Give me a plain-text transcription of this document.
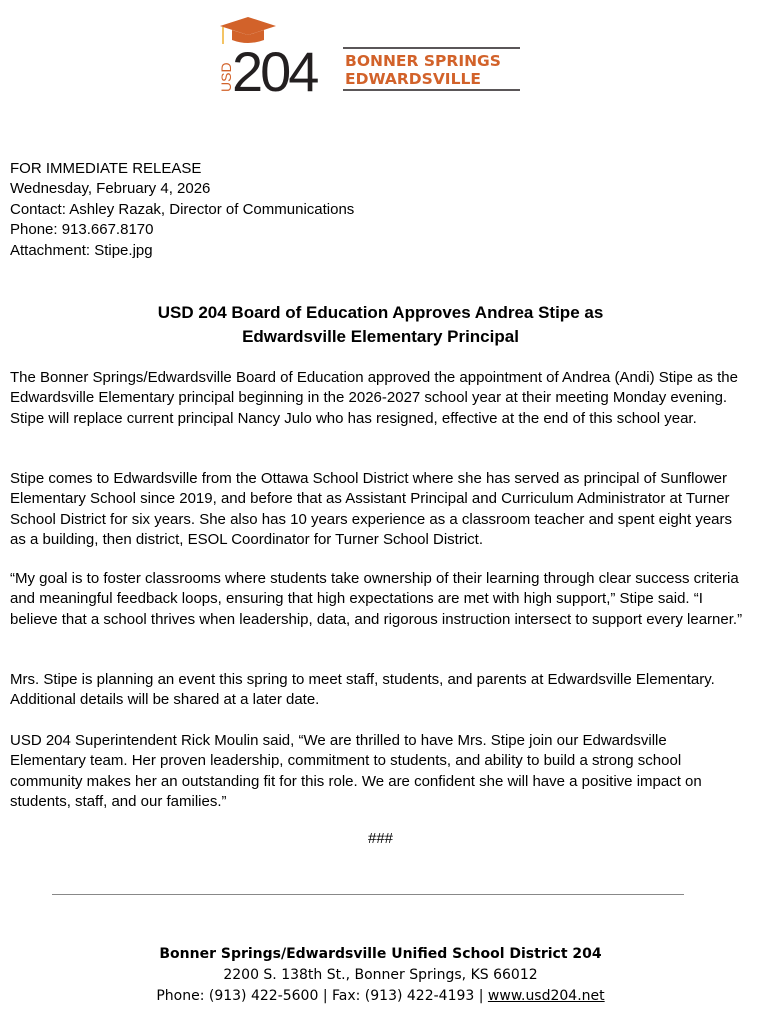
USD
204 BONNER SPRINGS
EDWARDSVILLE
FOR IMMEDIATE RELEASE
Wednesday, February 4, 2026
Contact: Ashley Razak, Director of Communications
Phone: 913.667.8170
Attachment: Stipe.jpg
USD 204 Board of Education Approves Andrea Stipe as
Edwardsville Elementary Principal

The Bonner Springs/Edwardsville Board of Education approved the appointment of Andrea (Andi) Stipe as the Edwardsville Elementary principal beginning in the 2026-2027 school year at their meeting Monday evening. Stipe will replace current principal Nancy Julo who has resigned, effective at the end of this school year.

Stipe comes to Edwardsville from the Ottawa School District where she has served as principal of Sunflower Elementary School since 2019, and before that as Assistant Principal and Curriculum Administrator at Turner School District for six years. She also has 10 years experience as a classroom teacher and spent eight years as a building, then district, ESOL Coordinator for Turner School District.

“My goal is to foster classrooms where students take ownership of their learning through clear success criteria and meaningful feedback loops, ensuring that high expectations are met with high support,” Stipe said. “I believe that a school thrives when leadership, data, and rigorous instruction intersect to support every learner.”

Mrs. Stipe is planning an event this spring to meet staff, students, and parents at Edwardsville Elementary. Additional details will be shared at a later date.

USD 204 Superintendent Rick Moulin said, “We are thrilled to have Mrs. Stipe join our Edwardsville Elementary team. Her proven leadership, commitment to students, and ability to build a strong school community makes her an outstanding fit for this role. We are confident she will have a positive impact on students, staff, and our families.”

###
Bonner Springs/Edwardsville Unified School District 204
2200 S. 138th St., Bonner Springs, KS 66012
Phone: (913) 422-5600 | Fax: (913) 422-4193 | www.usd204.net
